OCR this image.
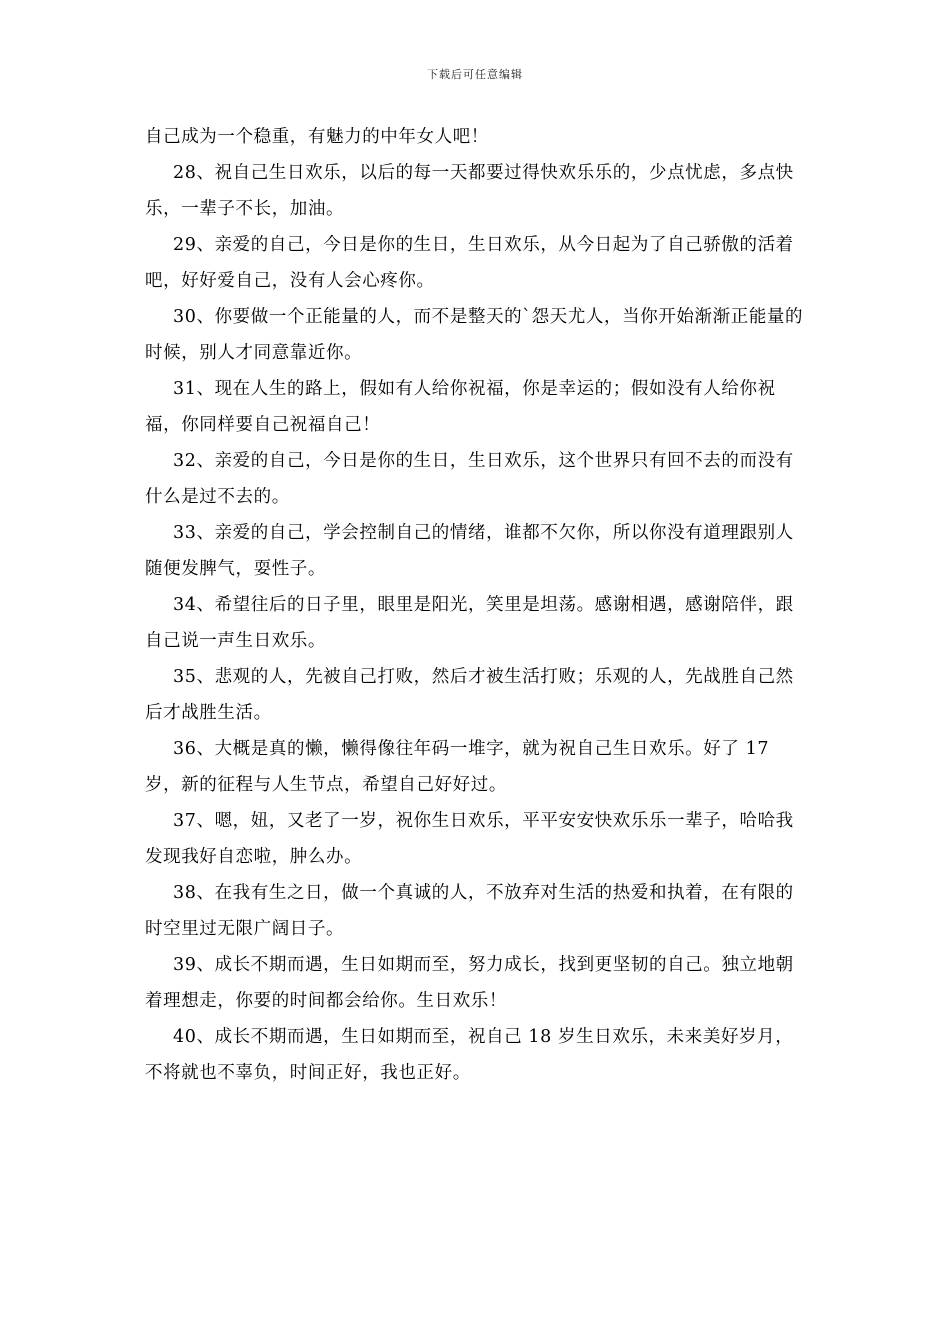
下载后可任意编辑

自己成为一个稳重，有魅力的中年女人吧！

28、祝自己生日欢乐，以后的每一天都要过得快欢乐乐的，少点忧虑，多点快乐，一辈子不长，加油。

29、亲爱的自己，今日是你的生日，生日欢乐，从今日起为了自己骄傲的活着吧，好好爱自己，没有人会心疼你。

30、你要做一个正能量的人，而不是整天的`怨天尤人，当你开始渐渐正能量的时候，别人才同意靠近你。

31、现在人生的路上，假如有人给你祝福，你是幸运的；假如没有人给你祝福，你同样要自己祝福自己！

32、亲爱的自己，今日是你的生日，生日欢乐，这个世界只有回不去的而没有什么是过不去的。

33、亲爱的自己，学会控制自己的情绪，谁都不欠你，所以你没有道理跟别人随便发脾气，耍性子。

34、希望往后的日子里，眼里是阳光，笑里是坦荡。感谢相遇，感谢陪伴，跟自己说一声生日欢乐。

35、悲观的人，先被自己打败，然后才被生活打败；乐观的人，先战胜自己然后才战胜生活。

36、大概是真的懒，懒得像往年码一堆字，就为祝自己生日欢乐。好了 17 岁，新的征程与人生节点，希望自己好好过。

37、嗯，妞，又老了一岁，祝你生日欢乐，平平安安快欢乐乐一辈子，哈哈我发现我好自恋啦，肿么办。

38、在我有生之日，做一个真诚的人，不放弃对生活的热爱和执着，在有限的时空里过无限广阔日子。

39、成长不期而遇，生日如期而至，努力成长，找到更坚韧的自己。独立地朝着理想走，你要的时间都会给你。生日欢乐！

40、成长不期而遇，生日如期而至，祝自己 18 岁生日欢乐，未来美好岁月，不将就也不辜负，时间正好，我也正好。
